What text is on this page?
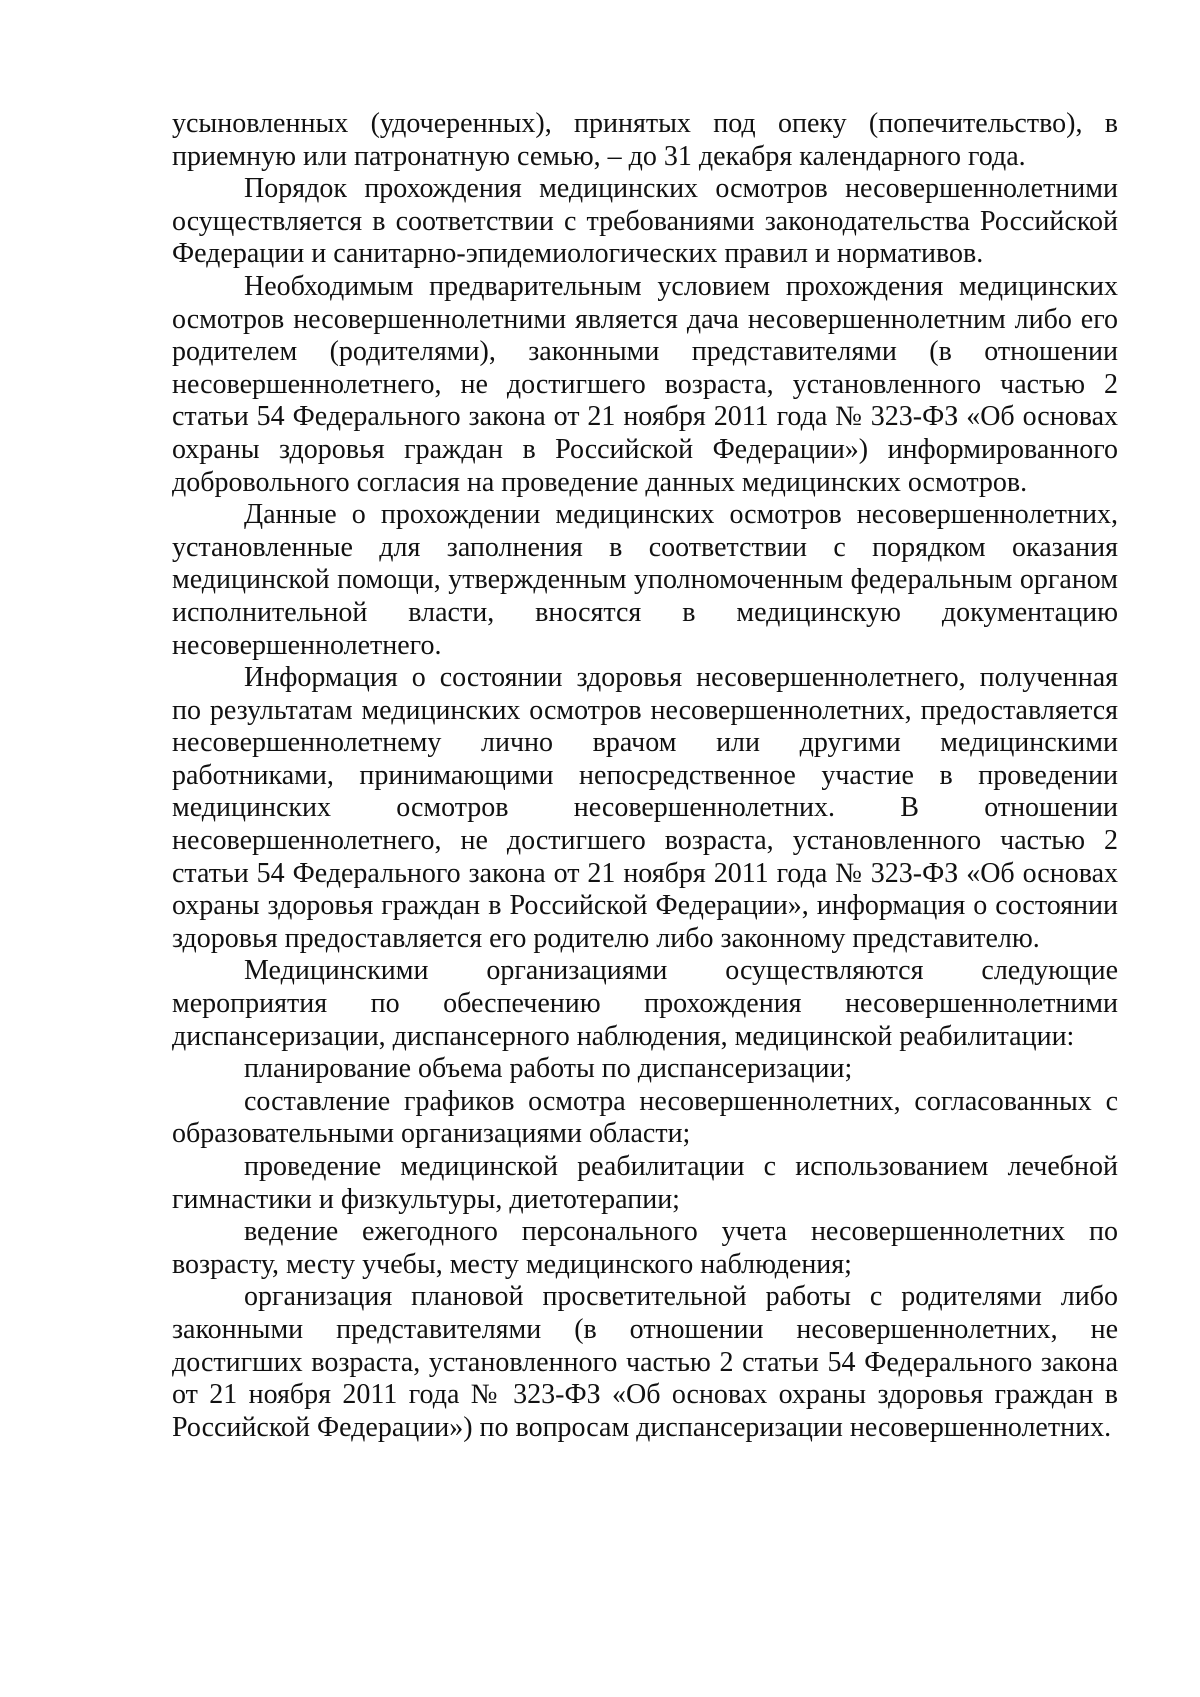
усыновленных (удочеренных), принятых под опеку (попечительство), в приемную или патронатную семью, – до 31 декабря календарного года.

Порядок прохождения медицинских осмотров несовершеннолетними осуществляется в соответствии с требованиями законодательства Российской Федерации и санитарно-эпидемиологических правил и нормативов.

Необходимым предварительным условием прохождения медицинских осмотров несовершеннолетними является дача несовершеннолетним либо его родителем (родителями), законными представителями (в отношении несовершеннолетнего, не достигшего возраста, установленного частью 2 статьи 54 Федерального закона от 21 ноября 2011 года № 323-ФЗ «Об основах охраны здоровья граждан в Российской Федерации») информированного добровольного согласия на проведение данных медицинских осмотров.

Данные о прохождении медицинских осмотров несовершеннолетних, установленные для заполнения в соответствии с порядком оказания медицинской помощи, утвержденным уполномоченным федеральным органом исполнительной власти, вносятся в медицинскую документацию несовершеннолетнего.

Информация о состоянии здоровья несовершеннолетнего, полученная по результатам медицинских осмотров несовершеннолетних, предоставляется несовершеннолетнему лично врачом или другими медицинскими работниками, принимающими непосредственное участие в проведении медицинских осмотров несовершеннолетних. В отношении несовершеннолетнего, не достигшего возраста, установленного частью 2 статьи 54 Федерального закона от 21 ноября 2011 года № 323-ФЗ «Об основах охраны здоровья граждан в Российской Федерации», информация о состоянии здоровья предоставляется его родителю либо законному представителю.

Медицинскими организациями осуществляются следующие мероприятия по обеспечению прохождения несовершеннолетними диспансеризации, диспансерного наблюдения, медицинской реабилитации:

планирование объема работы по диспансеризации;

составление графиков осмотра несовершеннолетних, согласованных с образовательными организациями области;

проведение медицинской реабилитации с использованием лечебной гимнастики и физкультуры, диетотерапии;

ведение ежегодного персонального учета несовершеннолетних по возрасту, месту учебы, месту медицинского наблюдения;

организация плановой просветительной работы с родителями либо законными представителями (в отношении несовершеннолетних, не достигших возраста, установленного частью 2 статьи 54 Федерального закона от 21 ноября 2011 года № 323-ФЗ «Об основах охраны здоровья граждан в Российской Федерации») по вопросам диспансеризации несовершеннолетних.
